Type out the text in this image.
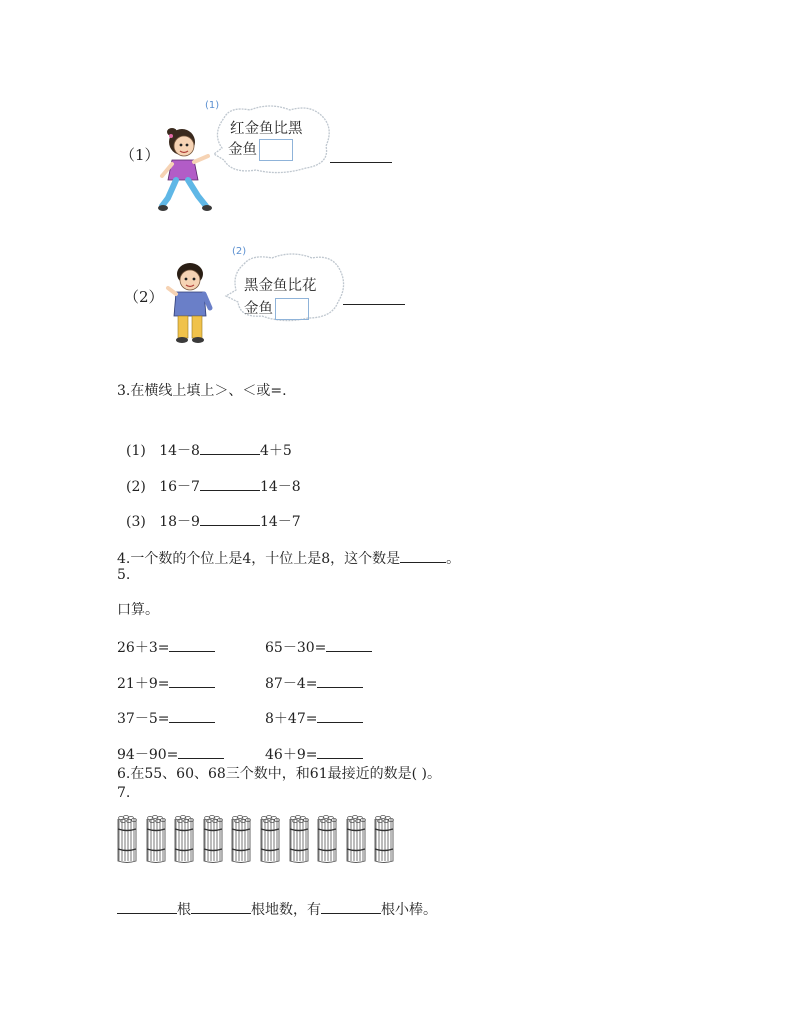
（1）
(1)
红金鱼比黑
金鱼
（2）
(2)
黑金鱼比花
金鱼
3.在横线上填上＞、＜或=.
(1) 14－8	4＋5
(2) 16－7	14－8
(3) 18－9	14－7
4.一个数的个位上是4，十位上是8，这个数是	。
5.
口算。
26＋3=	65－30=
21＋9=	87－4=
37－5=	8＋47=
94－90=	46＋9=
6.在55、60、68三个数中，和61最接近的数是( )。
7.
根	根地数，有	根小棒。
